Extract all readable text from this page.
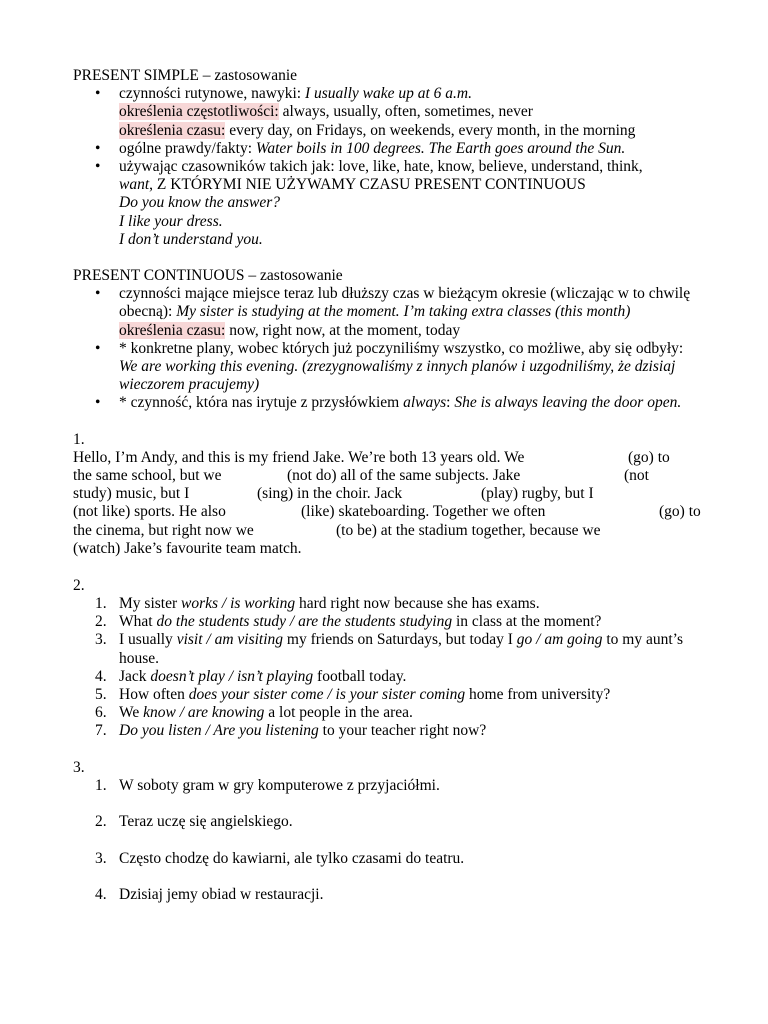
PRESENT SIMPLE – zastosowanie

• czynności rutynowe, nawyki: I usually wake up at 6 a.m.
określenia częstotliwości: always, usually, often, sometimes, never
określenia czasu: every day, on Fridays, on weekends, every month, in the morning
• ogólne prawdy/fakty: Water boils in 100 degrees. The Earth goes around the Sun.
• używając czasowników takich jak: love, like, hate, know, believe, understand, think,
want, Z KTÓRYMI NIE UŻYWAMY CZASU PRESENT CONTINUOUS
Do you know the answer?
I like your dress.
I don’t understand you.

PRESENT CONTINUOUS – zastosowanie

• czynności mające miejsce teraz lub dłuższy czas w bieżącym okresie (wliczając w to chwilę obecną): My sister is studying at the moment. I’m taking extra classes (this month)
określenia czasu: now, right now, at the moment, today
• * konkretne plany, wobec których już poczyniliśmy wszystko, co możliwe, aby się odbyły: We are working this evening. (zrezygnowaliśmy z innych planów i uzgodniliśmy, że dzisiaj wieczorem pracujemy)
• * czynność, która nas irytuje z przysłówkiem always: She is always leaving the door open.

1.

Hello, I’m Andy, and this is my friend Jake. We’re both 13 years old. We	(go) to
the same school, but we	(not do) all of the same subjects. Jake	(not
study) music, but I	(sing) in the choir. Jack	(play) rugby, but I
(not like) sports. He also	(like) skateboarding. Together we often	(go) to
the cinema, but right now we	(to be) at the stadium together, because we
(watch) Jake’s favourite team match.

2.

1. My sister works / is working hard right now because she has exams.
2. What do the students study / are the students studying in class at the moment?
3. I usually visit / am visiting my friends on Saturdays, but today I go / am going to my aunt’s house.
4. Jack doesn’t play / isn’t playing football today.
5. How often does your sister come / is your sister coming home from university?
6. We know / are knowing a lot people in the area.
7. Do you listen / Are you listening to your teacher right now?

3.

1. W soboty gram w gry komputerowe z przyjaciółmi.
2. Teraz uczę się angielskiego.
3. Często chodzę do kawiarni, ale tylko czasami do teatru.
4. Dzisiaj jemy obiad w restauracji.
